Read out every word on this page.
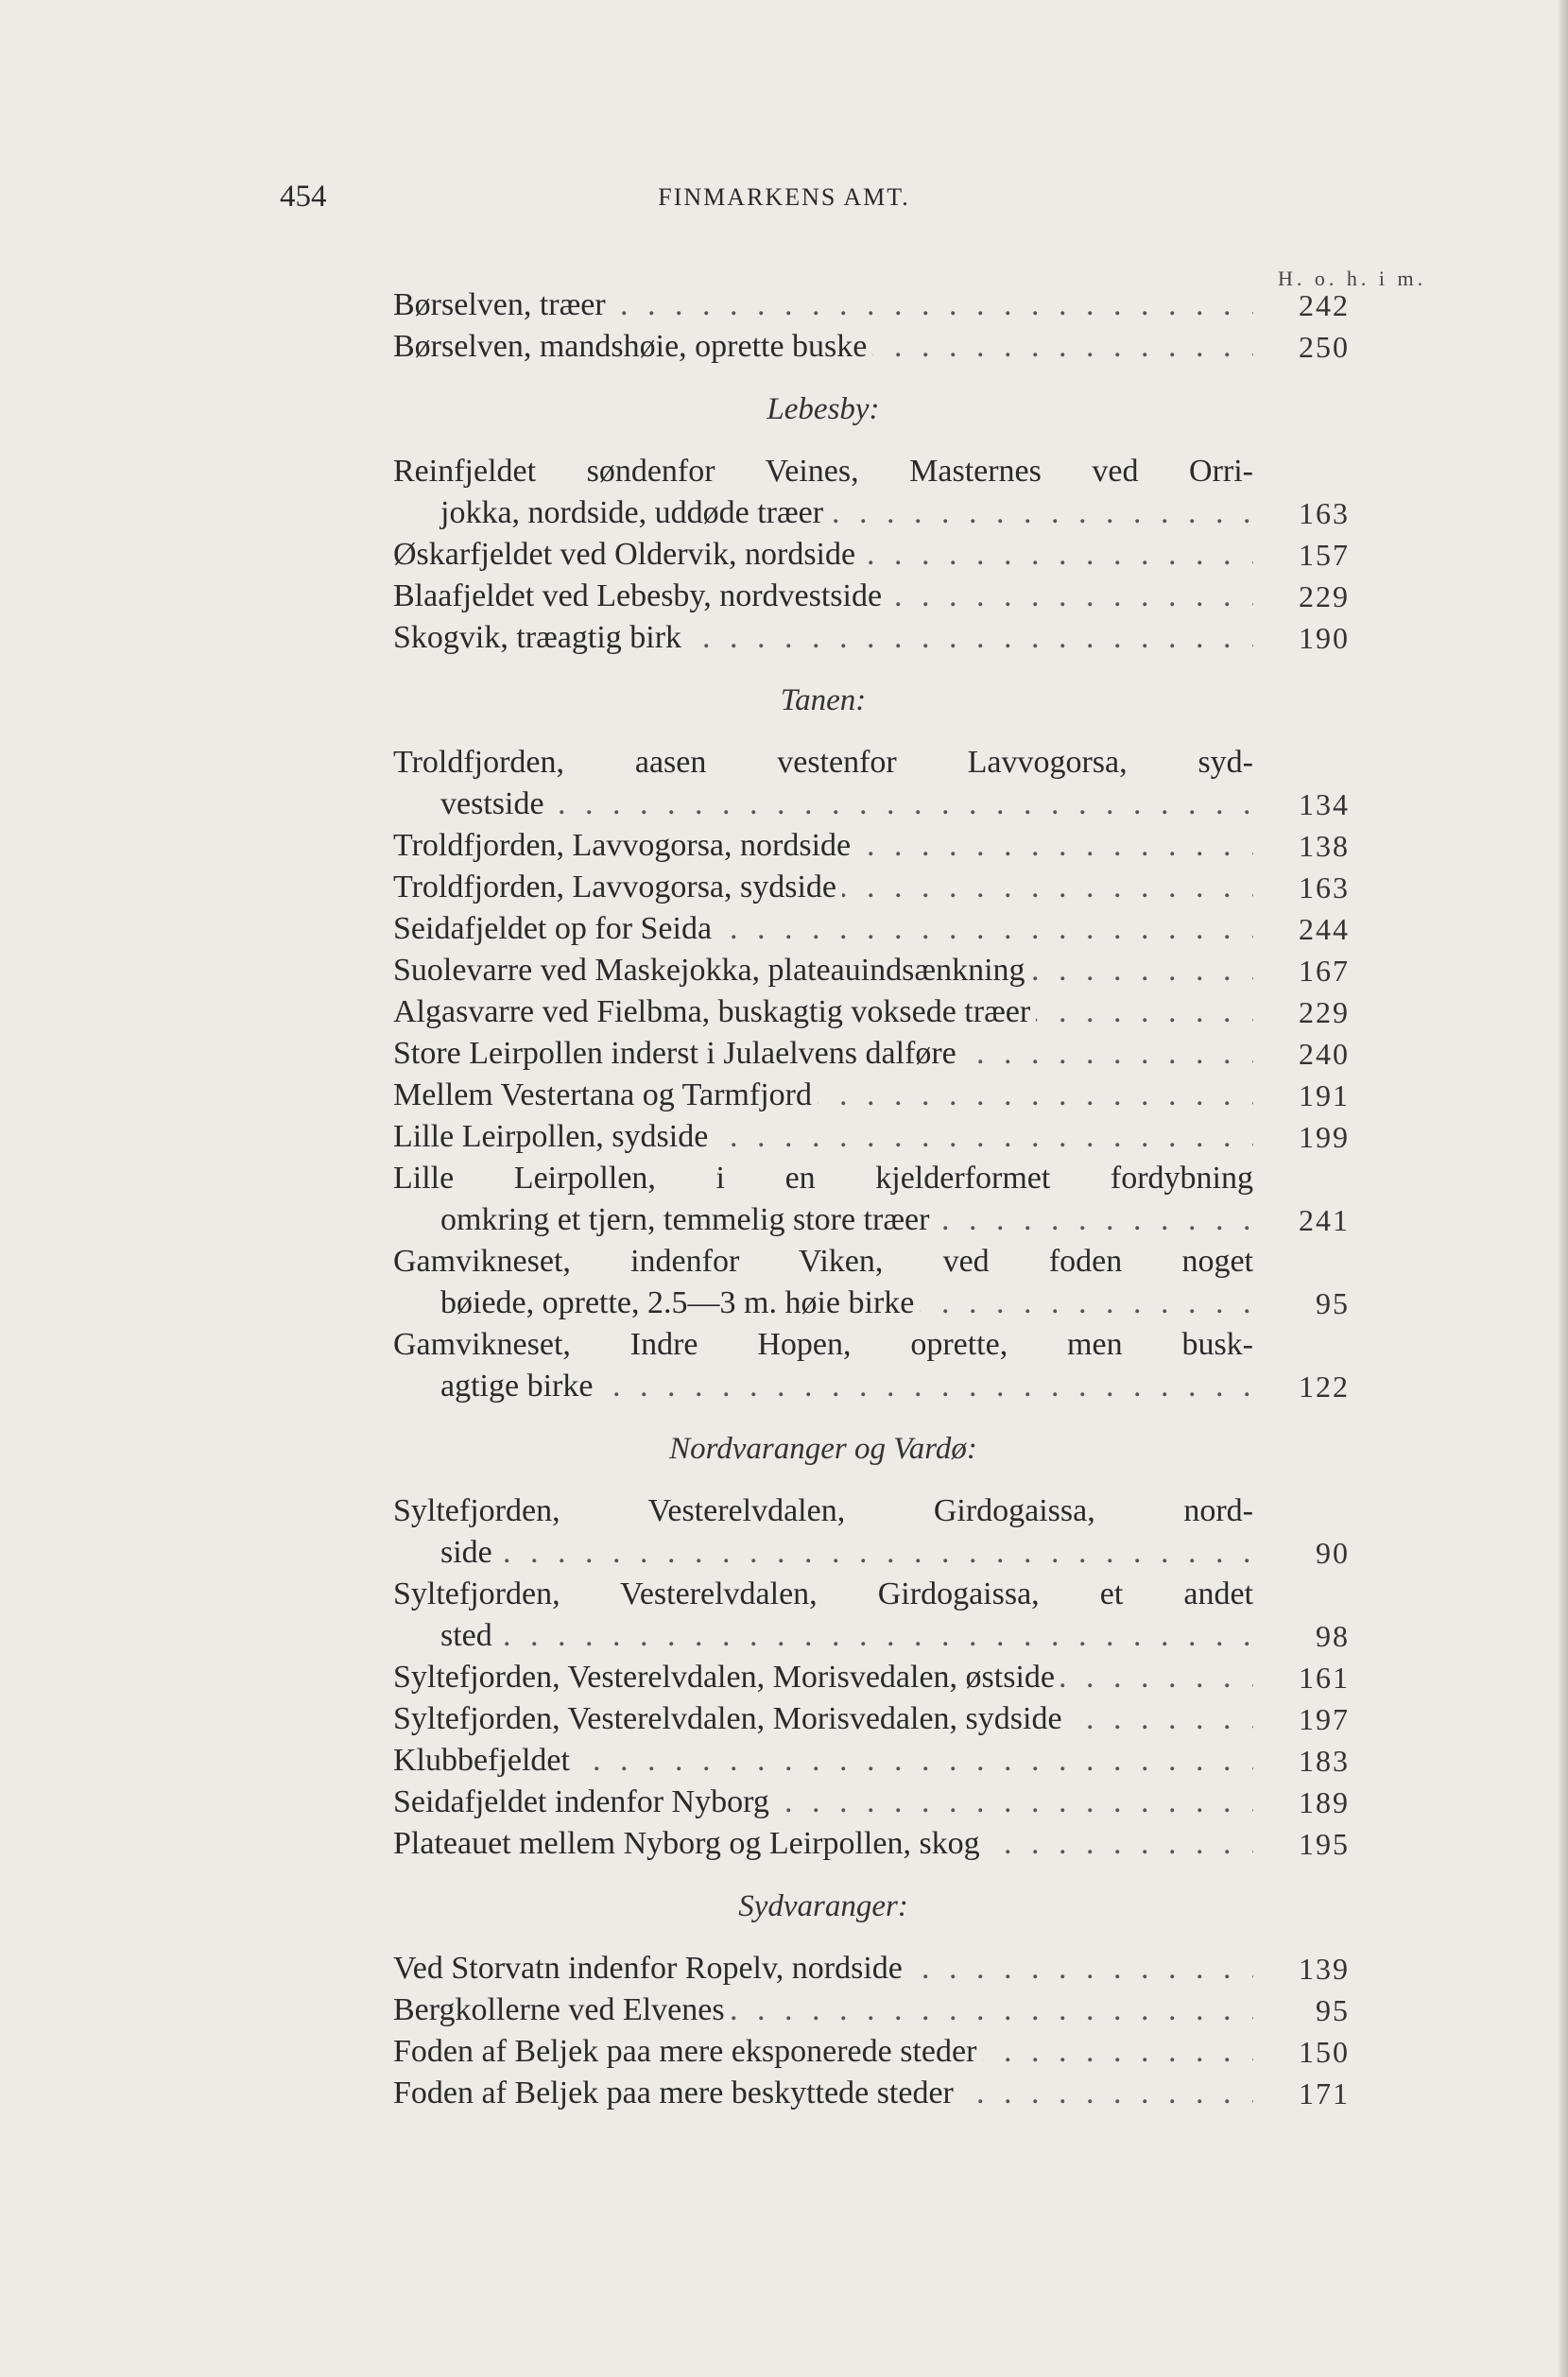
454	FINMARKENS AMT.
H. o. h. i m.
Børselven, træer . . .	242
Børselven, mandshøie, oprette buske . . .	250
Lebesby:
Reinfjeldet søndenfor Veines, Masternes ved Orri-
jokka, nordside, uddøde træer . . .	163
Øskarfjeldet ved Oldervik, nordside . . .	157
Blaafjeldet ved Lebesby, nordvestside . . .	229
Skogvik, træagtig birk . . .	190
Tanen:
Troldfjorden, aasen vestenfor Lavvogorsa, syd-
vestside . . .	134
Troldfjorden, Lavvogorsa, nordside . . .	138
Troldfjorden, Lavvogorsa, sydside . . .	163
Seidafjeldet op for Seida . . .	244
Suolevarre ved Maskejokka, plateauindsænkning . . .	167
Algasvarre ved Fielbma, buskagtig voksede træer . . .	229
Store Leirpollen inderst i Julaelvens dalføre . . .	240
Mellem Vestertana og Tarmfjord . . .	191
Lille Leirpollen, sydside . . .	199
Lille Leirpollen, i en kjelderformet fordybning
omkring et tjern, temmelig store træer . . .	241
Gamvikneset, indenfor Viken, ved foden noget
bøiede, oprette, 2.5—3 m. høie birke . . .	95
Gamvikneset, Indre Hopen, oprette, men busk-
agtige birke . . .	122
Nordvaranger og Vardø:
Syltefjorden, Vesterelvdalen, Girdogaissa, nord-
side . . .	90
Syltefjorden, Vesterelvdalen, Girdogaissa, et andet
sted . . .	98
Syltefjorden, Vesterelvdalen, Morisvedalen, østside . . .	161
Syltefjorden, Vesterelvdalen, Morisvedalen, sydside . . .	197
Klubbefjeldet . . .	183
Seidafjeldet indenfor Nyborg . . .	189
Plateauet mellem Nyborg og Leirpollen, skog . . .	195
Sydvaranger:
Ved Storvatn indenfor Ropelv, nordside . . .	139
Bergkollerne ved Elvenes . . .	95
Foden af Beljek paa mere eksponerede steder . . .	150
Foden af Beljek paa mere beskyttede steder . . .	171
